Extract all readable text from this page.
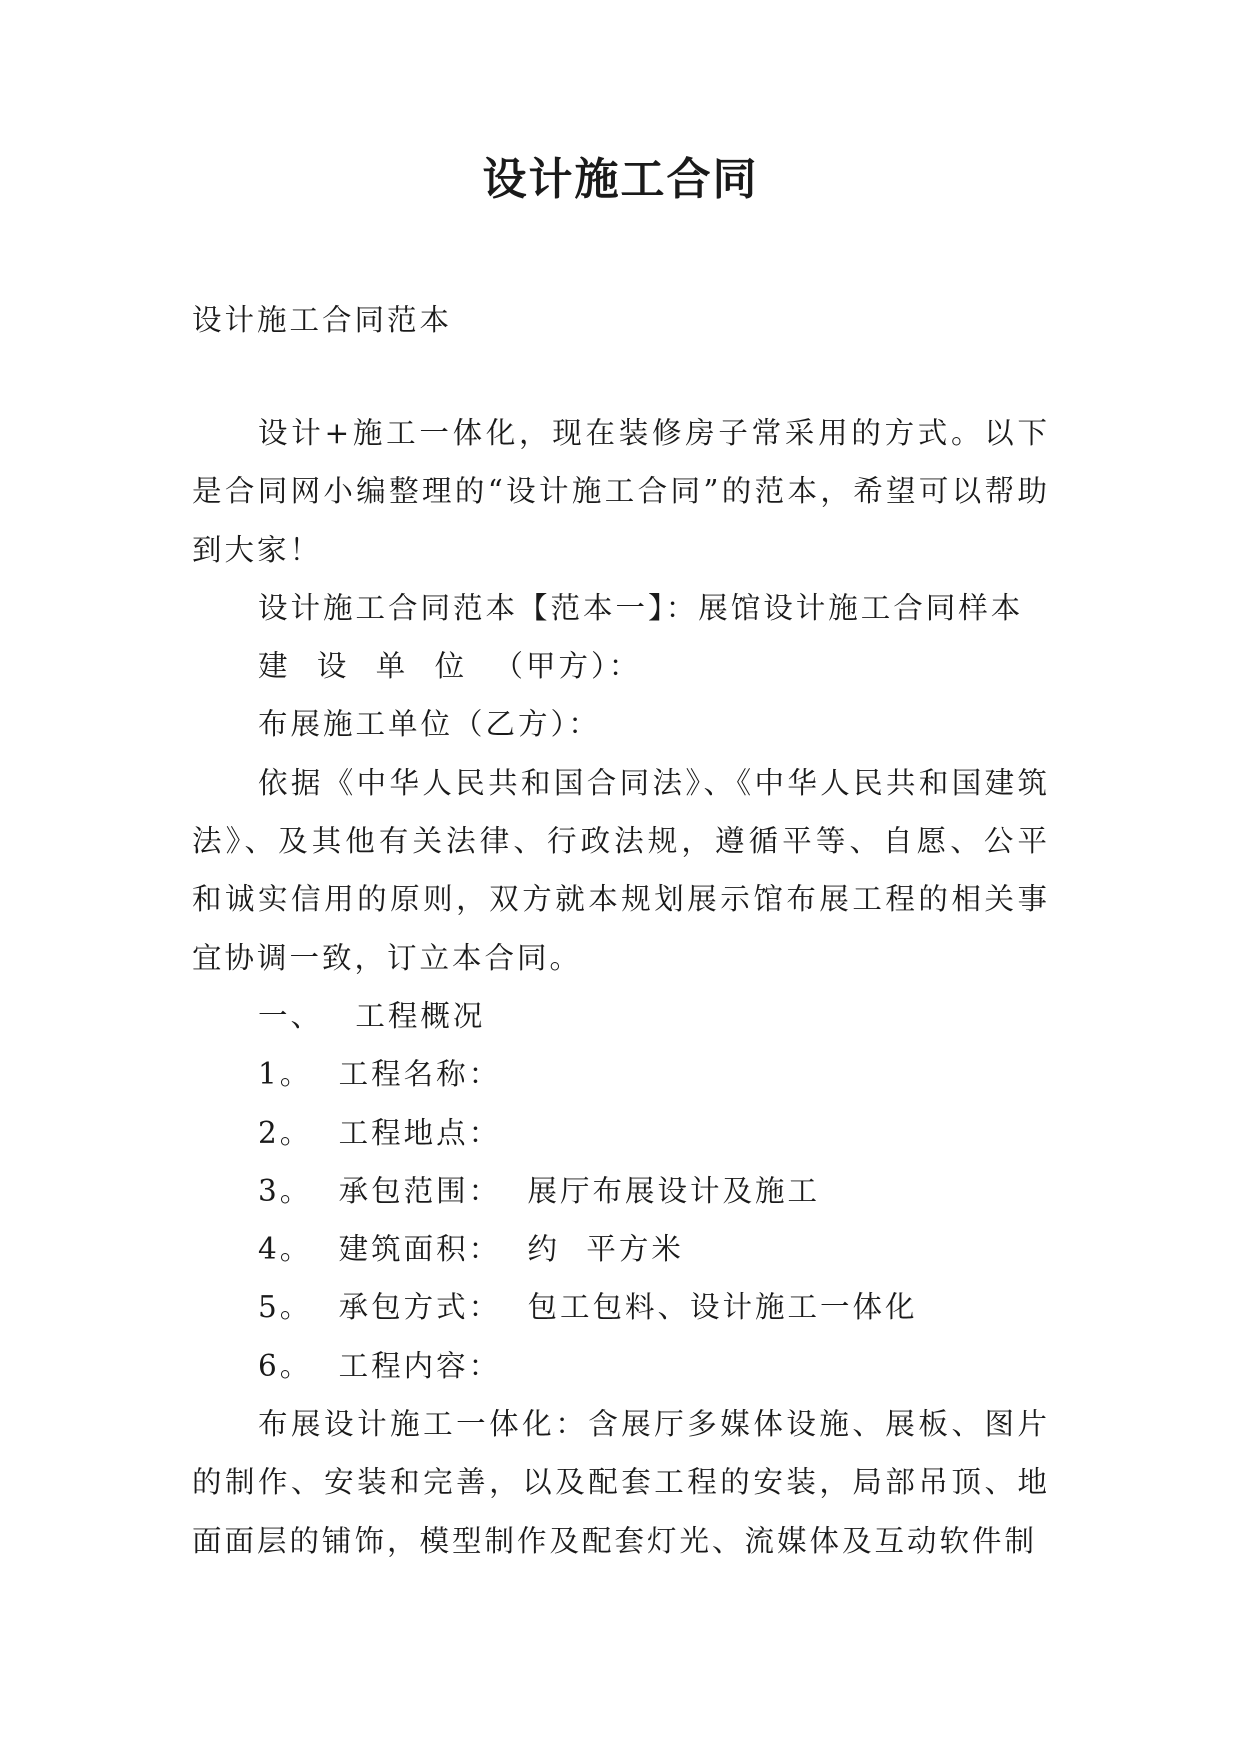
设计施工合同
设计施工合同范本

设计+施工一体化，现在装修房子常采用的方式。以下是合同网小编整理的“设计施工合同”的范本，希望可以帮助到大家！

设计施工合同范本【范本一】：展馆设计施工合同样本

建 设 单 位 （甲方）：

布展施工单位（乙方）：

依据《中华人民共和国合同法》、《中华人民共和国建筑法》、及其他有关法律、行政法规，遵循平等、自愿、公平和诚实信用的原则，双方就本规划展示馆布展工程的相关事宜协调一致，订立本合同。

一、 工程概况

1。 工程名称：

2。 工程地点：

3。 承包范围： 展厅布展设计及施工

4。 建筑面积： 约 平方米

5。 承包方式： 包工包料、设计施工一体化

6。 工程内容：

布展设计施工一体化：含展厅多媒体设施、展板、图片的制作、安装和完善，以及配套工程的安装，局部吊顶、地面面层的铺饰，模型制作及配套灯光、流媒体及互动软件制
